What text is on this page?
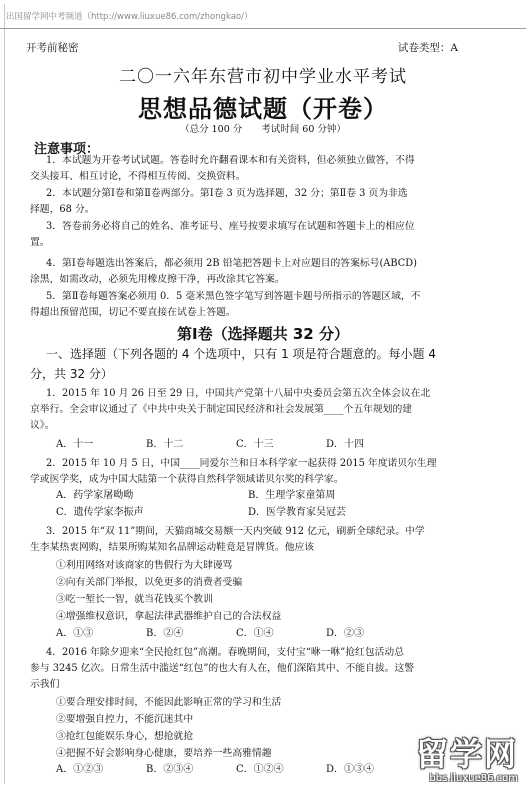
出国留学网中考频道（http://www.liuxue86.com/zhongkao/）
开考前秘密	试卷类型：A
二〇一六年东营市初中学业水平考试
思想品德试题（开卷）
（总分 100 分　　考试时间 60 分钟）
注意事项：
1．本试题为开卷考试试题。答卷时允许翻看课本和有关资料，但必须独立做答，不得
交头接耳、相互讨论，不得相互传阅、交换资料。
2．本试题分第Ⅰ卷和第Ⅱ卷两部分。第Ⅰ卷 3 页为选择题，32 分；第Ⅱ卷 3 页为非选
择题，68 分。
3．答卷前务必将自己的姓名、准考证号、座号按要求填写在试题和答题卡上的相应位
置。
4．第Ⅰ卷每题选出答案后，都必须用 2B 铅笔把答题卡上对应题目的答案标号(ABCD)
涂黑，如需改动，必须先用橡皮擦干净，再改涂其它答案。
5．第Ⅱ卷每题答案必须用 0．5 毫米黑色签字笔写到答题卡题号所指示的答题区域，不
得超出预留范围，切记不要直接在试卷上答题。
第Ⅰ卷（选择题共 32 分）
一、选择题（下列各题的 4 个选项中，只有 1 项是符合题意的。每小题 4
分，共 32 分）
1．2015 年 10 月 26 日至 29 日，中国共产党第十八届中央委员会第五次全体会议在北
京举行。全会审议通过了《中共中央关于制定国民经济和社会发展第____个五年规划的建
议》。
A．十一	B．十二	C．十三	D．十四
2．2015 年 10 月 5 日，中国____同爱尔兰和日本科学家一起获得 2015 年度诺贝尔生理
学或医学奖，成为中国大陆第一个获得自然科学领域诺贝尔奖的科学家。
A．药学家屠呦呦	B．生理学家童第周
C．遗传学家李振声	D．医学教育家吴冠芸
3．2015 年“双 11”期间，天猫商城交易额一天内突破 912 亿元，刷新全球纪录。中学
生李某热衷网购，结果所购某知名品牌运动鞋竟是冒牌货。他应该
①利用网络对该商家的售假行为大肆谩骂
②向有关部门举报，以免更多的消费者受骗
③吃一堑长一智，就当花钱买个教训
④增强维权意识，拿起法律武器维护自己的合法权益
A．①③	B．②④	C．①④	D．②③
4．2016 年除夕迎来“全民抢红包”高潮。春晚期间，支付宝“咻一咻”抢红包活动总
参与 3245 亿次。日常生活中滥送“红包”的也大有人在，他们深陷其中、不能自拔。这警
示我们
①要合理安排时间，不能因此影响正常的学习和生活
②要增强自控力，不能沉迷其中
③抢红包能娱乐身心，想抢就抢
④把握不好会影响身心健康，要培养一些高雅情趣
A．①②③	B．②③④	C．①②④	D．①③④	留学网
bbs.liuxue86.com
